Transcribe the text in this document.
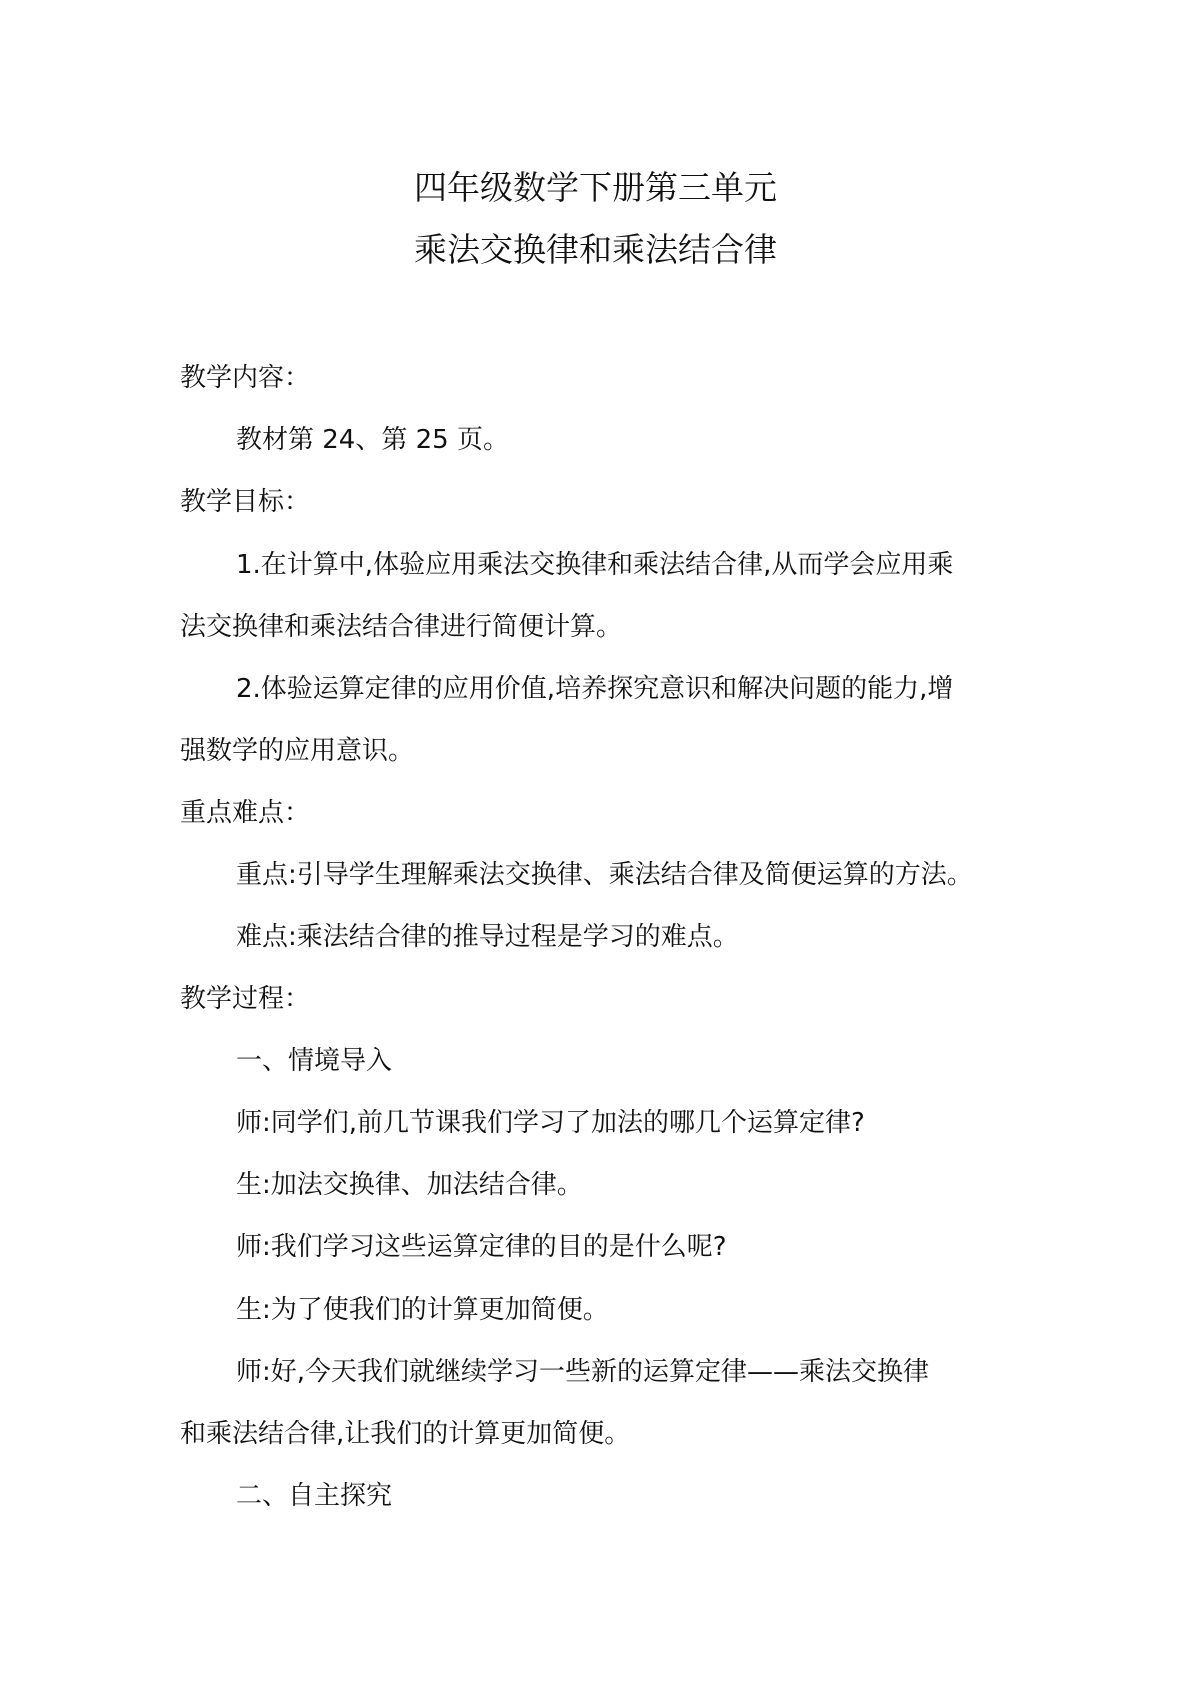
四年级数学下册第三单元
乘法交换律和乘法结合律
教学内容：
教材第 24、第 25 页。
教学目标：
1.在计算中,体验应用乘法交换律和乘法结合律,从而学会应用乘
法交换律和乘法结合律进行简便计算。
2.体验运算定律的应用价值,培养探究意识和解决问题的能力,增
强数学的应用意识。
重点难点：
重点:引导学生理解乘法交换律、乘法结合律及简便运算的方法。
难点:乘法结合律的推导过程是学习的难点。
教学过程：
一、情境导入
师:同学们,前几节课我们学习了加法的哪几个运算定律?
生:加法交换律、加法结合律。
师:我们学习这些运算定律的目的是什么呢?
生:为了使我们的计算更加简便。
师:好,今天我们就继续学习一些新的运算定律——乘法交换律
和乘法结合律,让我们的计算更加简便。
二、自主探究
